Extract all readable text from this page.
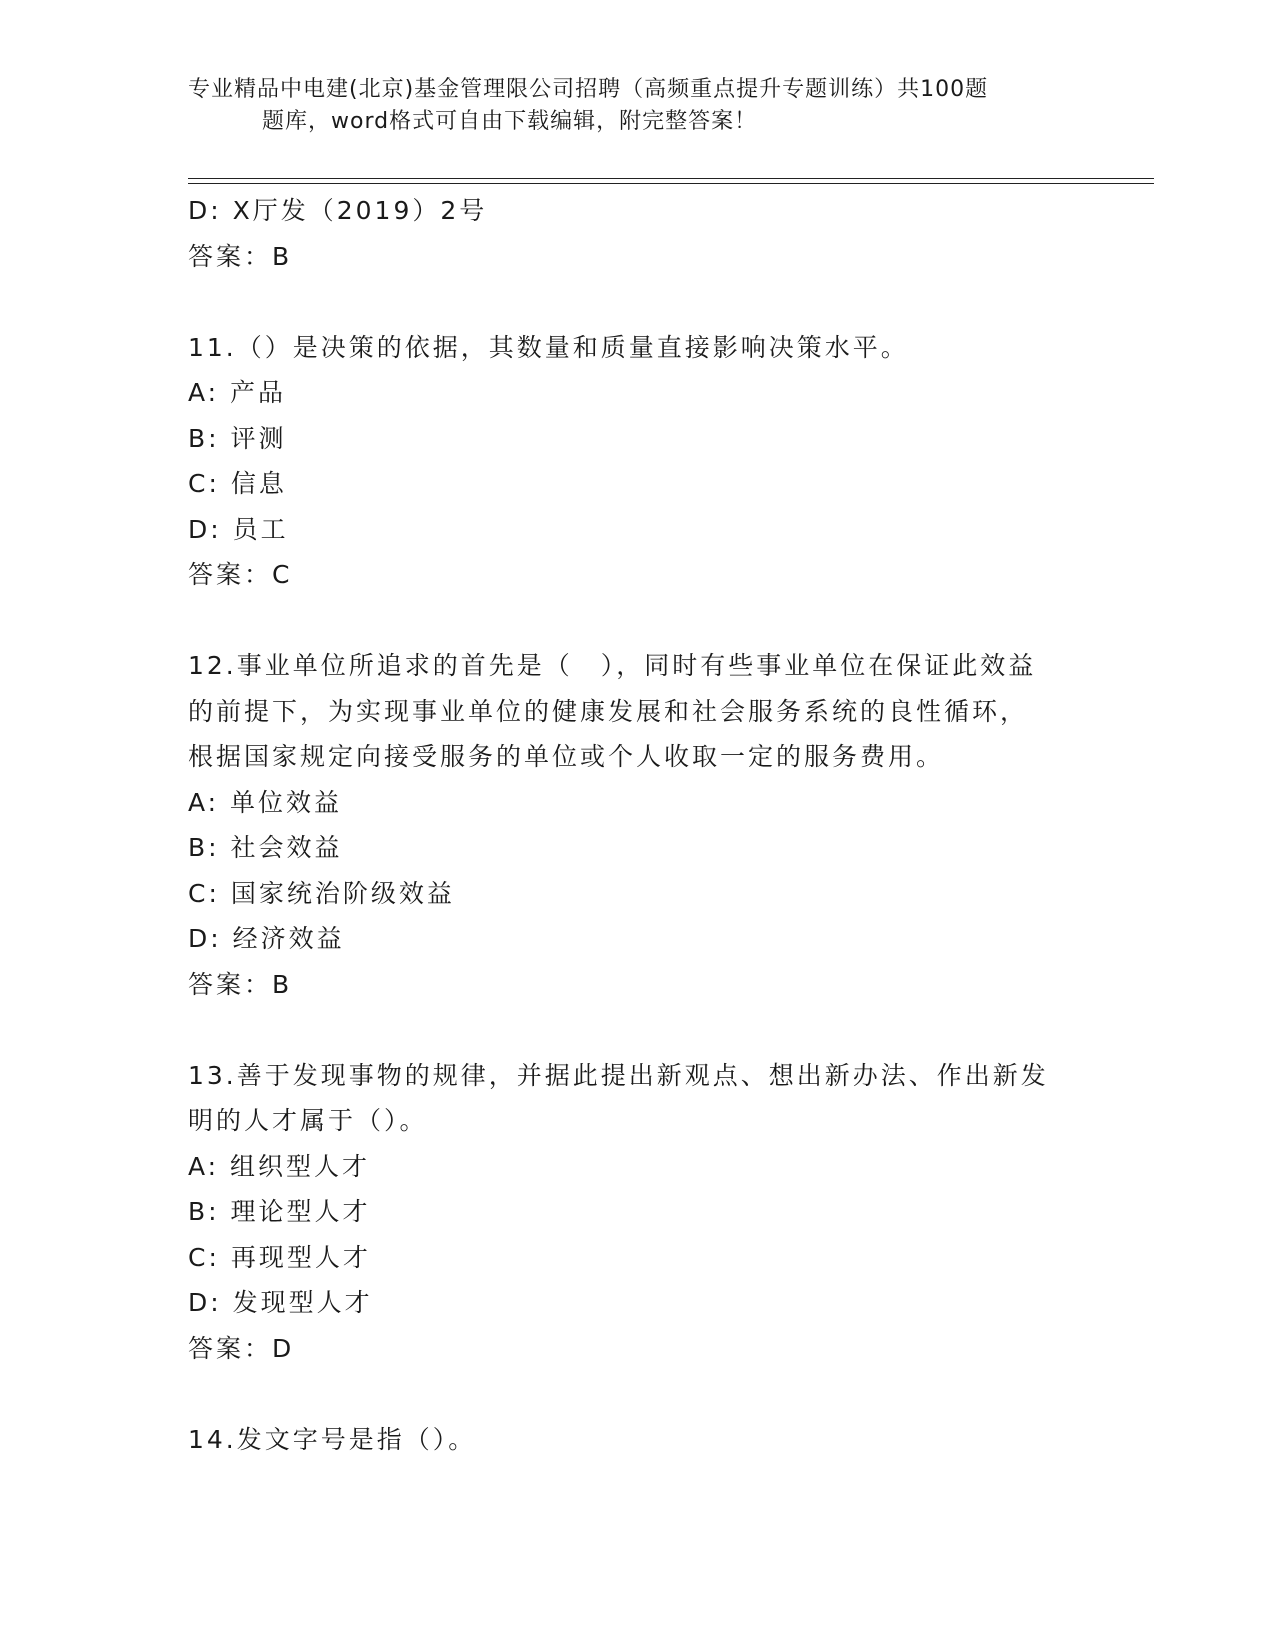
专业精品中电建(北京)基金管理限公司招聘（高频重点提升专题训练）共100题
题库，word格式可自由下载编辑，附完整答案！
D: X厅发（2019）2号
答案：B
11.（）是决策的依据，其数量和质量直接影响决策水平。
A: 产品
B: 评测
C: 信息
D: 员工
答案：C
12.事业单位所追求的首先是（　），同时有些事业单位在保证此效益
的前提下，为实现事业单位的健康发展和社会服务系统的良性循环，
根据国家规定向接受服务的单位或个人收取一定的服务费用。
A: 单位效益
B: 社会效益
C: 国家统治阶级效益
D: 经济效益
答案：B
13.善于发现事物的规律，并据此提出新观点、想出新办法、作出新发
明的人才属于（）。
A: 组织型人才
B: 理论型人才
C: 再现型人才
D: 发现型人才
答案：D
14.发文字号是指（）。
